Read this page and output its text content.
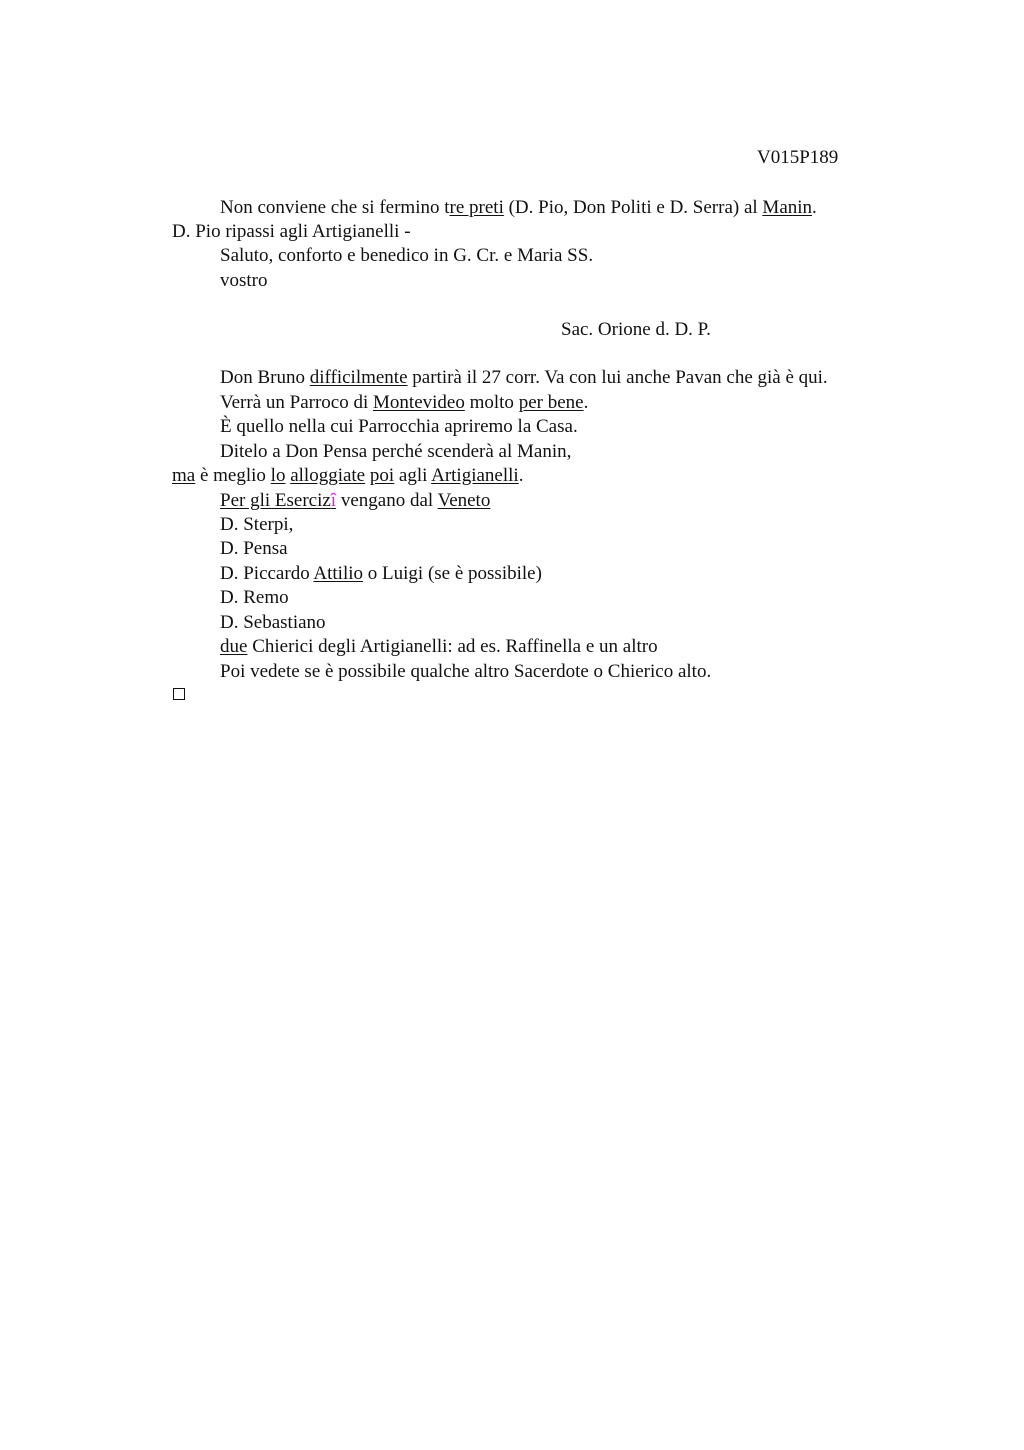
V015P189
Non conviene che si fermino tre preti (D. Pio, Don Politi e D. Serra) al Manin.
D. Pio ripassi agli Artigianelli -
Saluto, conforto e benedico in G. Cr. e Maria SS.
vostro
Sac. Orione d. D. P.
Don Bruno difficilmente partirà il 27 corr. Va con lui anche Pavan che già è qui.
Verrà un Parroco di Montevideo molto per bene.
È quello nella cui Parrocchia apriremo la Casa.
Ditelo a Don Pensa perché scenderà al Manin,
ma è meglio lo alloggiate poi agli Artigianelli.
Per gli Esercizî vengano dal Veneto
D. Sterpi,
D. Pensa
D. Piccardo Attilio o Luigi (se è possibile)
D. Remo
D. Sebastiano
due Chierici degli Artigianelli: ad es. Raffinella e un altro
Poi vedete se è possibile qualche altro Sacerdote o Chierico alto.
